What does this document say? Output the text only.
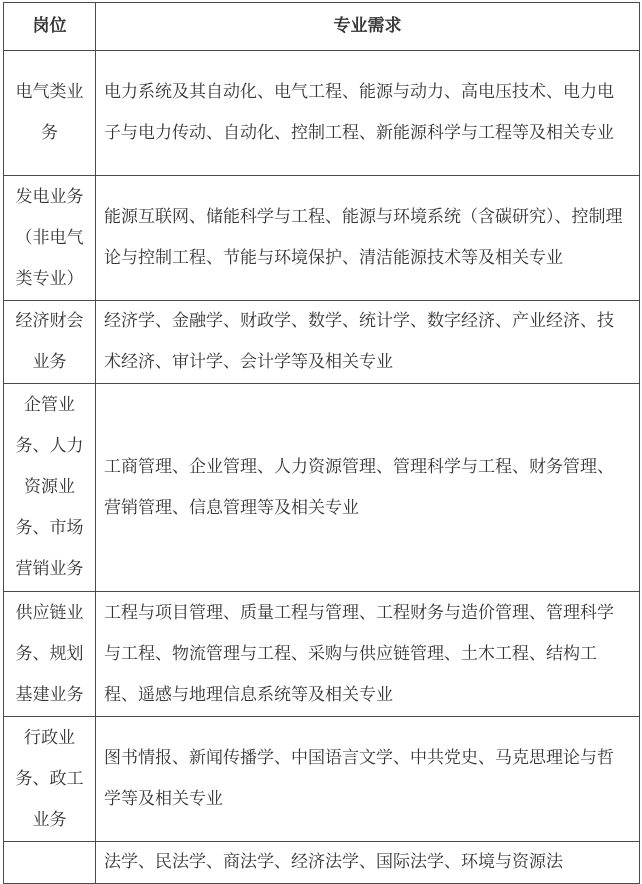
岗位	专业需求
电气类业务	电力系统及其自动化、电气工程、能源与动力、高电压技术、电力电子与电力传动、自动化、控制工程、新能源科学与工程等及相关专业
发电业务（非电气类专业）	能源互联网、储能科学与工程、能源与环境系统（含碳研究）、控制理论与控制工程、节能与环境保护、清洁能源技术等及相关专业
经济财会业务	经济学、金融学、财政学、数学、统计学、数字经济、产业经济、技术经济、审计学、会计学等及相关专业
企管业务、人力资源业务、市场营销业务	工商管理、企业管理、人力资源管理、管理科学与工程、财务管理、营销管理、信息管理等及相关专业
供应链业务、规划基建业务	工程与项目管理、质量工程与管理、工程财务与造价管理、管理科学与工程、物流管理与工程、采购与供应链管理、土木工程、结构工程、遥感与地理信息系统等及相关专业
行政业务、政工业务	图书情报、新闻传播学、中国语言文学、中共党史、马克思理论与哲学等及相关专业
	法学、民法学、商法学、经济法学、国际法学、环境与资源法
